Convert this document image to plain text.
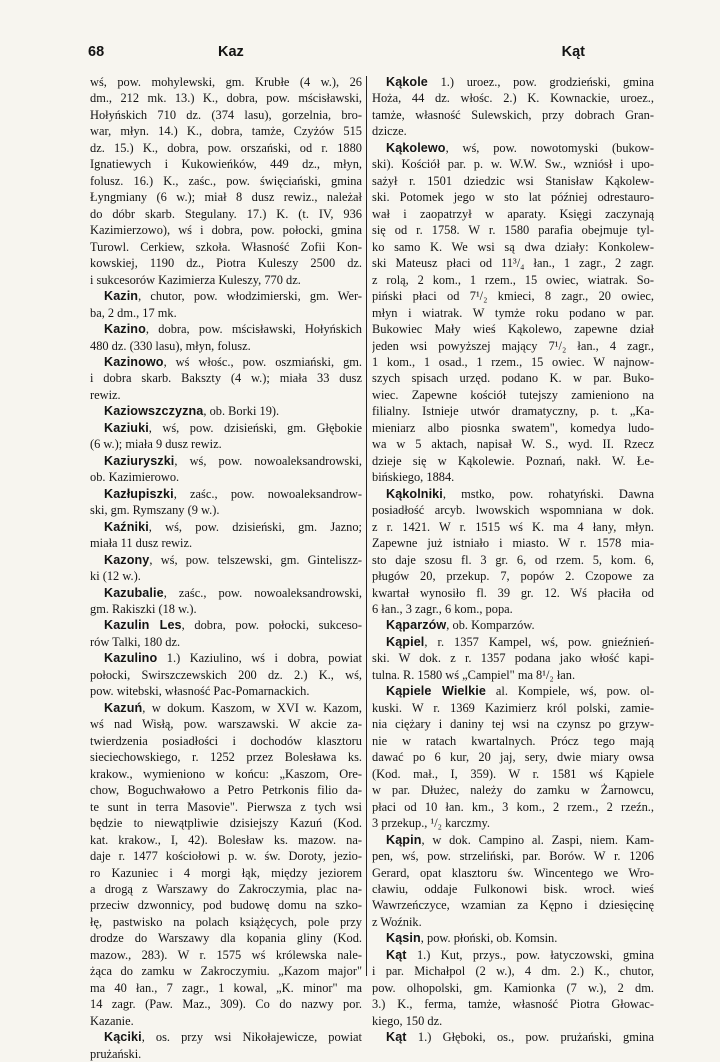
68	Kaz	Kąt
wś, pow. mohylewski, gm. Krubłe (4 w.), 26
dm., 212 mk. 13.) K., dobra, pow. mścisławski,
Hołyńskich 710 dz. (374 lasu), gorzelnia, bro-
war, młyn. 14.) K., dobra, tamże, Czyżów 515
dz. 15.) K., dobra, pow. orszański, od r. 1880
Ignatiewych i Kukowieńków, 449 dz., młyn,
folusz. 16.) K., zaśc., pow. święciański, gmina
Łyngmiany (6 w.); miał 8 dusz rewiz., należał
do dóbr skarb. Stegulany. 17.) K. (t. IV, 936
Kazimierzowo), wś i dobra, pow. połocki, gmina
Turowl. Cerkiew, szkoła. Własność Zofii Kon-
kowskiej, 1190 dz., Piotra Kuleszy 2500 dz.
i sukcesorów Kazimierza Kuleszy, 770 dz.
Kazin, chutor, pow. włodzimierski, gm. Wer-
ba, 2 dm., 17 mk.
Kazino, dobra, pow. mścisławski, Hołyńskich
480 dz. (330 lasu), młyn, folusz.
Kazinowo, wś włośc., pow. oszmiański, gm.
i dobra skarb. Bakszty (4 w.); miała 33 dusz
rewiz.
Kaziowszczyzna, ob. Borki 19).
Kaziuki, wś, pow. dzisieński, gm. Głębokie
(6 w.); miała 9 dusz rewiz.
Kaziuryszki, wś, pow. nowoaleksandrowski,
ob. Kazimierowo.
Kazłupiszki, zaśc., pow. nowoaleksandrow-
ski, gm. Rymszany (9 w.).
Kaźniki, wś, pow. dzisieński, gm. Jazno;
miała 11 dusz rewiz.
Kazony, wś, pow. telszewski, gm. Ginteliszz-
ki (12 w.).
Kazubalie, zaśc., pow. nowoaleksandrowski,
gm. Rakiszki (18 w.).
Kazulin Les, dobra, pow. połocki, sukceso-
rów Talki, 180 dz.
Kazulino 1.) Kaziulino, wś i dobra, powiat
połocki, Swirszczewskich 200 dz. 2.) K., wś,
pow. witebski, własność Pac-Pomarnackich.
Kazuń, w dokum. Kaszom, w XVI w. Kazom,
wś nad Wisłą, pow. warszawski. W akcie za-
twierdzenia posiadłości i dochodów klasztoru
sieciechowskiego, r. 1252 przez Bolesława ks.
krakow., wymieniono w końcu: „Kaszom, Ore-
chow, Boguchwałowo a Petro Petrkonis filio da-
te sunt in terra Masovie". Pierwsza z tych wsi
będzie to niewątpliwie dzisiejszy Kazuń (Kod.
kat. krakow., I, 42). Bolesław ks. mazow. na-
daje r. 1477 kościołowi p. w. św. Doroty, jezio-
ro Kazuniec i 4 morgi łąk, między jeziorem
a drogą z Warszawy do Zakroczymia, plac na-
przeciw dzwonnicy, pod budowę domu na szko-
łę, pastwisko na polach książęcych, pole przy
drodze do Warszawy dla kopania gliny (Kod.
mazow., 283). W r. 1575 wś królewska nale-
żąca do zamku w Zakroczymiu. „Kazom major"
ma 40 łan., 7 zagr., 1 kowal, „K. minor" ma
14 zagr. (Paw. Maz., 309). Co do nazwy por.
Kazanie.
Kąciki, os. przy wsi Nikołajewicze, powiat
prużański.
Kąkole 1.) uroez., pow. grodzieński, gmina
Hoża, 44 dz. włośc. 2.) K. Kownackie, uroez.,
tamże, własność Sulewskich, przy dobrach Gran-
dzicze.
Kąkolewo, wś, pow. nowotomyski (bukow-
ski). Kościół par. p. w. W.W. Sw., wzniósł i upo-
sażył r. 1501 dziedzic wsi Stanisław Kąkolew-
ski. Potomek jego w sto lat później odrestauro-
wał i zaopatrzył w aparaty. Księgi zaczynają
się od r. 1758. W r. 1580 parafia obejmuje tyl-
ko samo K. We wsi są dwa działy: Konkolew-
ski Mateusz płaci od 11³/₄ łan., 1 zagr., 2 zagr.
z rolą, 2 kom., 1 rzem., 15 owiec, wiatrak. So-
piński płaci od 7¹/₂ kmieci, 8 zagr., 20 owiec,
młyn i wiatrak. W tymże roku podano w par.
Bukowiec Mały wieś Kąkolewo, zapewne dział
jeden wsi powyższej mający 7¹/₂ łan., 4 zagr.,
1 kom., 1 osad., 1 rzem., 15 owiec. W najnow-
szych spisach urzęd. podano K. w par. Buko-
wiec. Zapewne kościół tutejszy zamieniono na
filialny. Istnieje utwór dramatyczny, p. t. „Ka-
mieniarz albo piosnka swatem", komedya ludo-
wa w 5 aktach, napisał W. S., wyd. II. Rzecz
dzieje się w Kąkolewie. Poznań, nakł. W. Łe-
bińskiego, 1884.
Kąkolniki, mstko, pow. rohatyński. Dawna
posiadłość arcyb. lwowskich wspomniana w dok.
z r. 1421. W r. 1515 wś K. ma 4 łany, młyn.
Zapewne już istniało i miasto. W r. 1578 mia-
sto daje szosu fl. 3 gr. 6, od rzem. 5, kom. 6,
pługów 20, przekup. 7, popów 2. Czopowe za
kwartał wynosiło fl. 39 gr. 12. Wś płaciła od
6 łan., 3 zagr., 6 kom., popa.
Kąparzów, ob. Komparzów.
Kąpiel, r. 1357 Kampel, wś, pow. gnieźnień-
ski. W dok. z r. 1357 podana jako włość kapi-
tulna. R. 1580 wś „Campiel" ma 8¹/₂ łan.
Kąpiele Wielkie al. Kompiele, wś, pow. ol-
kuski. W r. 1369 Kazimierz król polski, zamie-
nia ciężary i daniny tej wsi na czynsz po grzyw-
nie w ratach kwartalnych. Prócz tego mają
dawać po 6 kur, 20 jaj, sery, dwie miary owsa
(Kod. mał., I, 359). W r. 1581 wś Kąpiele
w par. Dłużec, należy do zamku w Żarnowcu,
płaci od 10 łan. km., 3 kom., 2 rzem., 2 rzeźn.,
3 przekup., ¹/₂ karczmy.
Kąpin, w dok. Campino al. Zaspi, niem. Kam-
pen, wś, pow. strzeliński, par. Borów. W r. 1206
Gerard, opat klasztoru św. Wincentego we Wro-
cławiu, oddaje Fulkonowi bisk. wrocł. wieś
Wawrzeńczyce, wzamian za Kępno i dziesięcinę
z Woźnik.
Kąsin, pow. płoński, ob. Komsin.
Kąt 1.) Kut, przys., pow. łatyczowski, gmina
i par. Michałpol (2 w.), 4 dm. 2.) K., chutor,
pow. olhopolski, gm. Kamionka (7 w.), 2 dm.
3.) K., ferma, tamże, własność Piotra Głowac-
kiego, 150 dz.
Kąt 1.) Głęboki, os., pow. prużański, gmina
